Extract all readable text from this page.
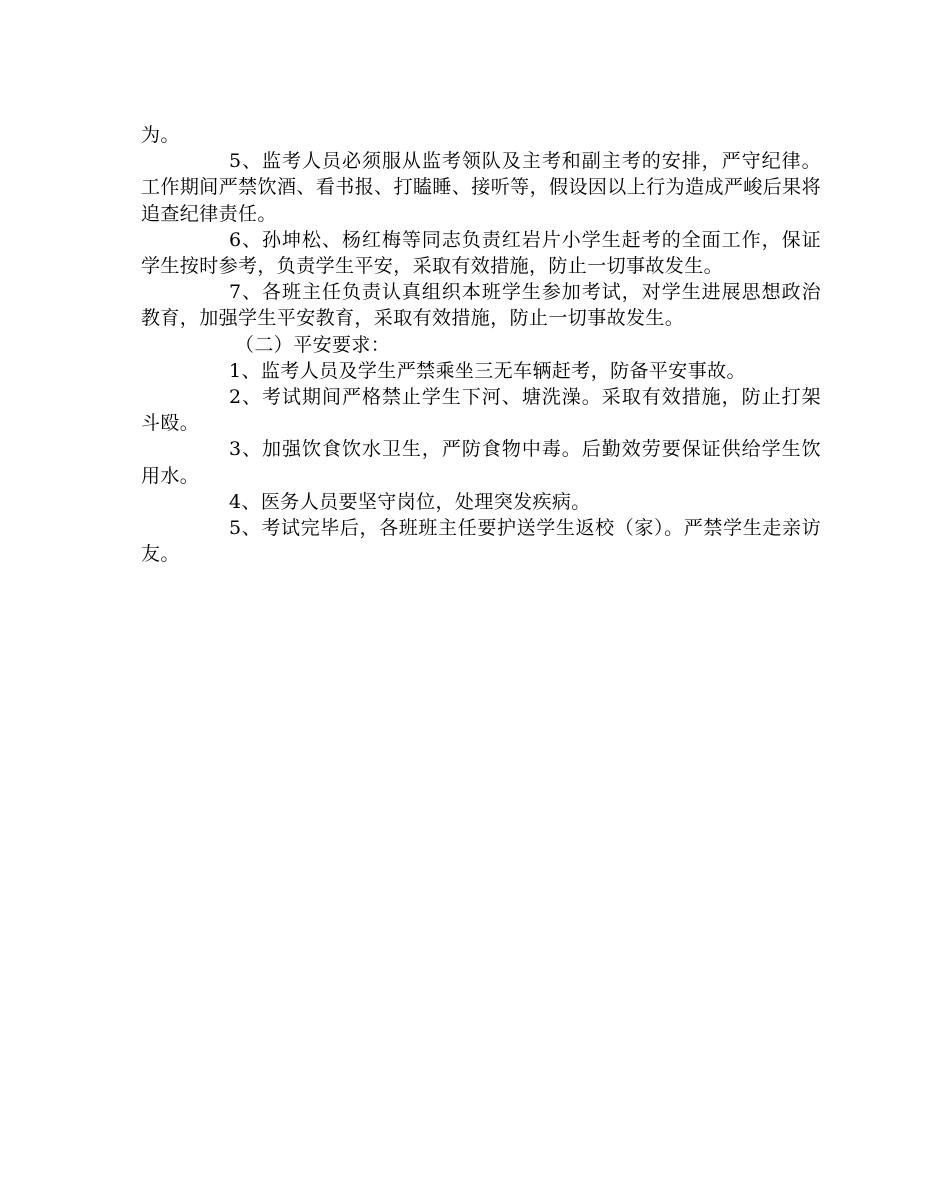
为。

5、监考人员必须服从监考领队及主考和副主考的安排，严守纪律。工作期间严禁饮酒、看书报、打瞌睡、接听等，假设因以上行为造成严峻后果将追查纪律责任。

6、孙坤松、杨红梅等同志负责红岩片小学生赶考的全面工作，保证学生按时参考，负责学生平安，采取有效措施，防止一切事故发生。

7、各班主任负责认真组织本班学生参加考试，对学生进展思想政治教育，加强学生平安教育，采取有效措施，防止一切事故发生。

（二）平安要求：

1、监考人员及学生严禁乘坐三无车辆赶考，防备平安事故。

2、考试期间严格禁止学生下河、塘洗澡。采取有效措施，防止打架斗殴。

3、加强饮食饮水卫生，严防食物中毒。后勤效劳要保证供给学生饮用水。

4、医务人员要坚守岗位，处理突发疾病。

5、考试完毕后，各班班主任要护送学生返校（家）。严禁学生走亲访友。
